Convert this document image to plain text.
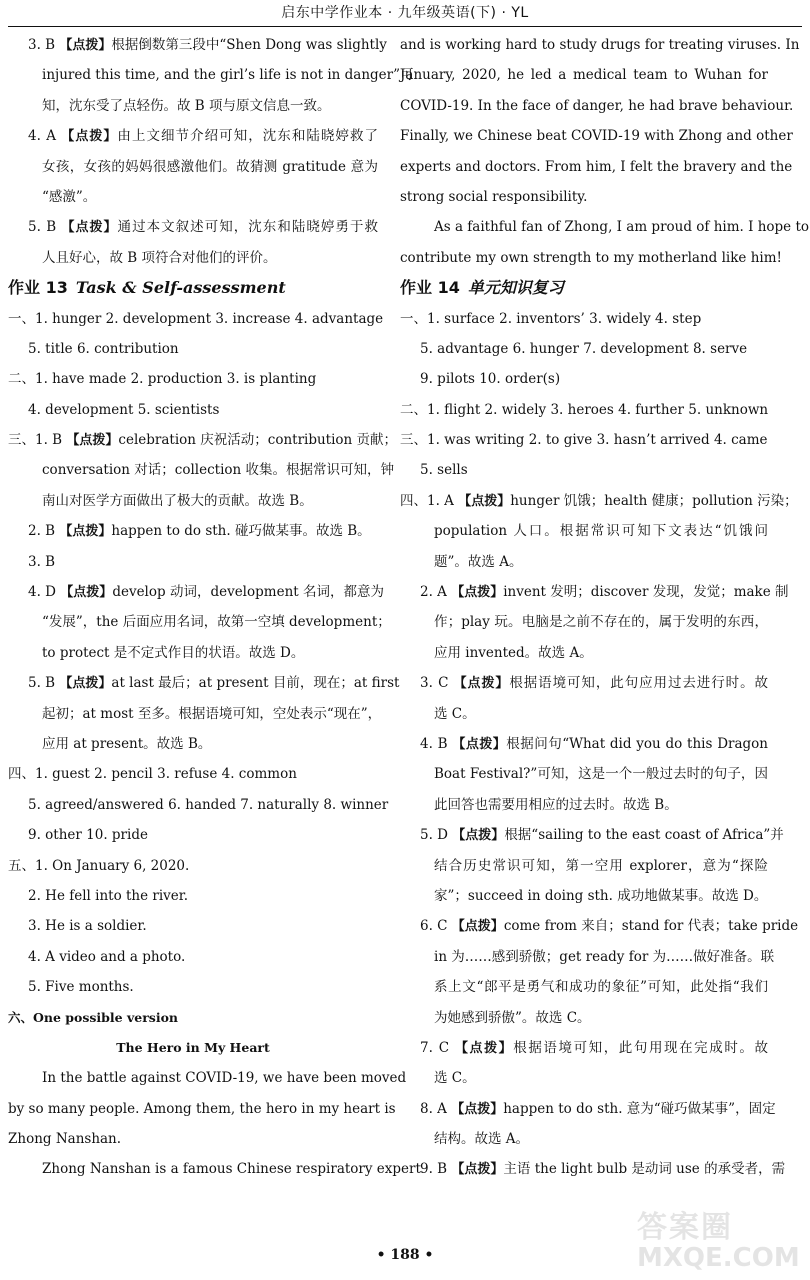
启东中学作业本 · 九年级英语(下) · YL
3. B 【点拨】根据倒数第三段中“Shen Dong was slightly
injured this time, and the girl’s life is not in danger”可
知，沈东受了点轻伤。故 B 项与原文信息一致。
4. A 【点拨】由上文细节介绍可知，沈东和陆晓婷救了
女孩，女孩的妈妈很感激他们。故猜测 gratitude 意为
“感激”。
5. B 【点拨】通过本文叙述可知，沈东和陆晓婷勇于救
人且好心，故 B 项符合对他们的评价。
作业 13 Task & Self-assessment
一、1. hunger 2. development 3. increase 4. advantage
5. title 6. contribution
二、1. have made 2. production 3. is planting
4. development 5. scientists
三、1. B 【点拨】celebration 庆祝活动；contribution 贡献；
conversation 对话；collection 收集。根据常识可知，钟
南山对医学方面做出了极大的贡献。故选 B。
2. B 【点拨】happen to do sth. 碰巧做某事。故选 B。
3. B
4. D 【点拨】develop 动词，development 名词，都意为
“发展”，the 后面应用名词，故第一空填 development；
to protect 是不定式作目的状语。故选 D。
5. B 【点拨】at last 最后；at present 目前，现在；at first
起初；at most 至多。根据语境可知，空处表示“现在”，
应用 at present。故选 B。
四、1. guest 2. pencil 3. refuse 4. common
5. agreed/answered 6. handed 7. naturally 8. winner
9. other 10. pride
五、1. On January 6, 2020.
2. He fell into the river.
3. He is a soldier.
4. A video and a photo.
5. Five months.
六、One possible version
The Hero in My Heart
In the battle against COVID-19, we have been moved
by so many people. Among them, the hero in my heart is
Zhong Nanshan.
Zhong Nanshan is a famous Chinese respiratory expert
and is working hard to study drugs for treating viruses. In
January, 2020, he led a medical team to Wuhan for
COVID-19. In the face of danger, he had brave behaviour.
Finally, we Chinese beat COVID-19 with Zhong and other
experts and doctors. From him, I felt the bravery and the
strong social responsibility.
As a faithful fan of Zhong, I am proud of him. I hope to
contribute my own strength to my motherland like him!
作业 14 单元知识复习
一、1. surface 2. inventors’ 3. widely 4. step
5. advantage 6. hunger 7. development 8. serve
9. pilots 10. order(s)
二、1. flight 2. widely 3. heroes 4. further 5. unknown
三、1. was writing 2. to give 3. hasn’t arrived 4. came
5. sells
四、1. A 【点拨】hunger 饥饿；health 健康；pollution 污染；
population 人口。根据常识可知下文表达“饥饿问
题”。故选 A。
2. A 【点拨】invent 发明；discover 发现，发觉；make 制
作；play 玩。电脑是之前不存在的，属于发明的东西，
应用 invented。故选 A。
3. C 【点拨】根据语境可知，此句应用过去进行时。故
选 C。
4. B 【点拨】根据问句“What did you do this Dragon
Boat Festival?”可知，这是一个一般过去时的句子，因
此回答也需要用相应的过去时。故选 B。
5. D 【点拨】根据“sailing to the east coast of Africa”并
结合历史常识可知，第一空用 explorer，意为“探险
家”；succeed in doing sth. 成功地做某事。故选 D。
6. C 【点拨】come from 来自；stand for 代表；take pride
in 为……感到骄傲；get ready for 为……做好准备。联
系上文“郎平是勇气和成功的象征”可知，此处指“我们
为她感到骄傲”。故选 C。
7. C 【点拨】根据语境可知，此句用现在完成时。故
选 C。
8. A 【点拨】happen to do sth. 意为“碰巧做某事”，固定
结构。故选 A。
9. B 【点拨】主语 the light bulb 是动词 use 的承受者，需
• 188 •
答案圈
MXQE.COM
